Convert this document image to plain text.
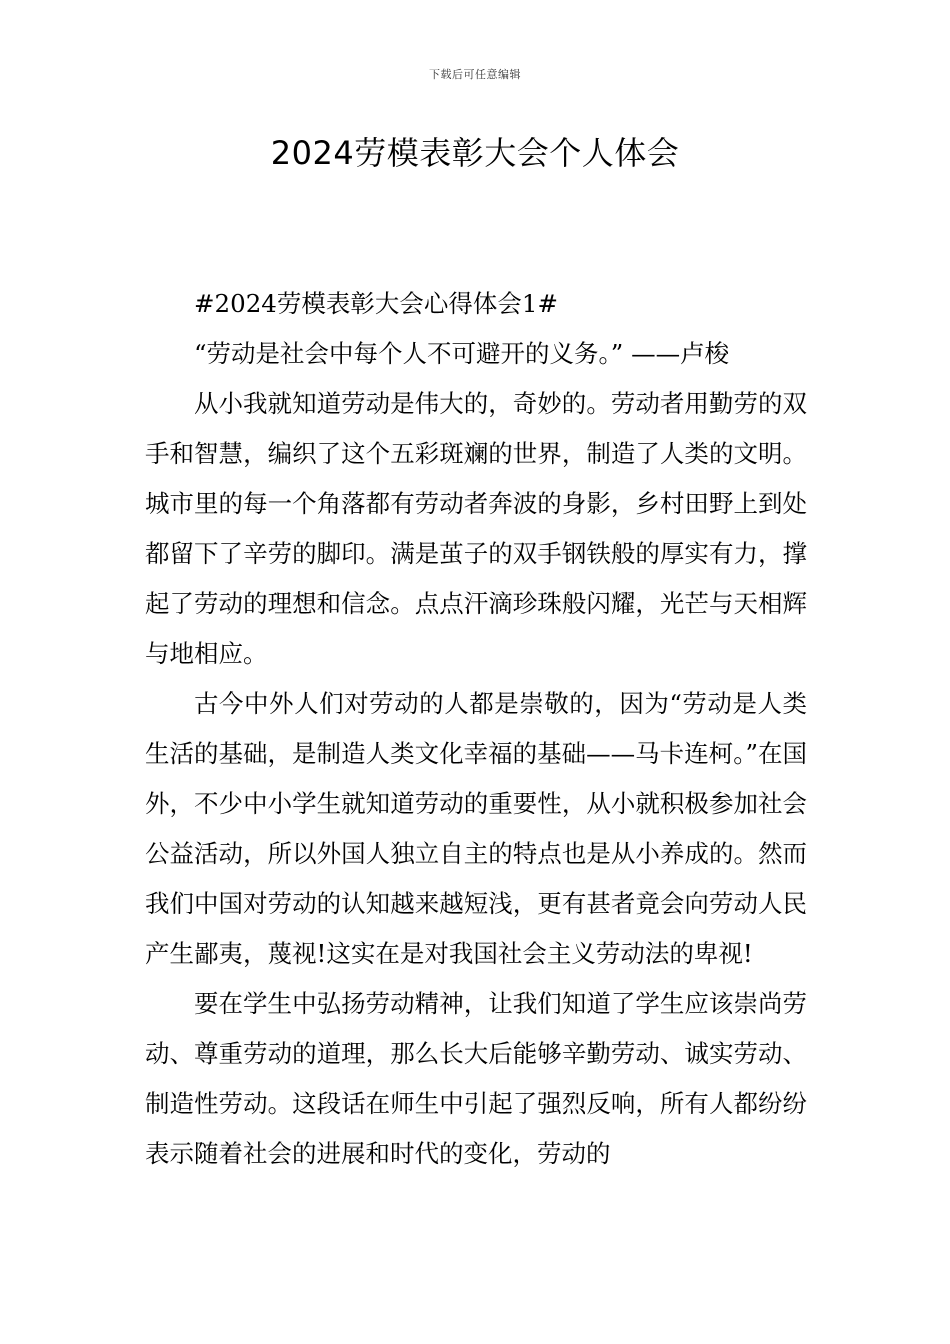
下载后可任意编辑
2024劳模表彰大会个人体会

#2024劳模表彰大会心得体会1#

“劳动是社会中每个人不可避开的义务。” ——卢梭

从小我就知道劳动是伟大的，奇妙的。劳动者用勤劳的双手和智慧，编织了这个五彩斑斓的世界，制造了人类的文明。城市里的每一个角落都有劳动者奔波的身影，乡村田野上到处都留下了辛劳的脚印。满是茧子的双手钢铁般的厚实有力，撑起了劳动的理想和信念。点点汗滴珍珠般闪耀，光芒与天相辉与地相应。

古今中外人们对劳动的人都是崇敬的，因为“劳动是人类生活的基础，是制造人类文化幸福的基础——马卡连柯。”在国外，不少中小学生就知道劳动的重要性，从小就积极参加社会公益活动，所以外国人独立自主的特点也是从小养成的。然而我们中国对劳动的认知越来越短浅，更有甚者竟会向劳动人民产生鄙夷，蔑视!这实在是对我国社会主义劳动法的卑视!

要在学生中弘扬劳动精神，让我们知道了学生应该崇尚劳动、尊重劳动的道理，那么长大后能够辛勤劳动、诚实劳动、制造性劳动。这段话在师生中引起了强烈反响，所有人都纷纷表示随着社会的进展和时代的变化，劳动的
